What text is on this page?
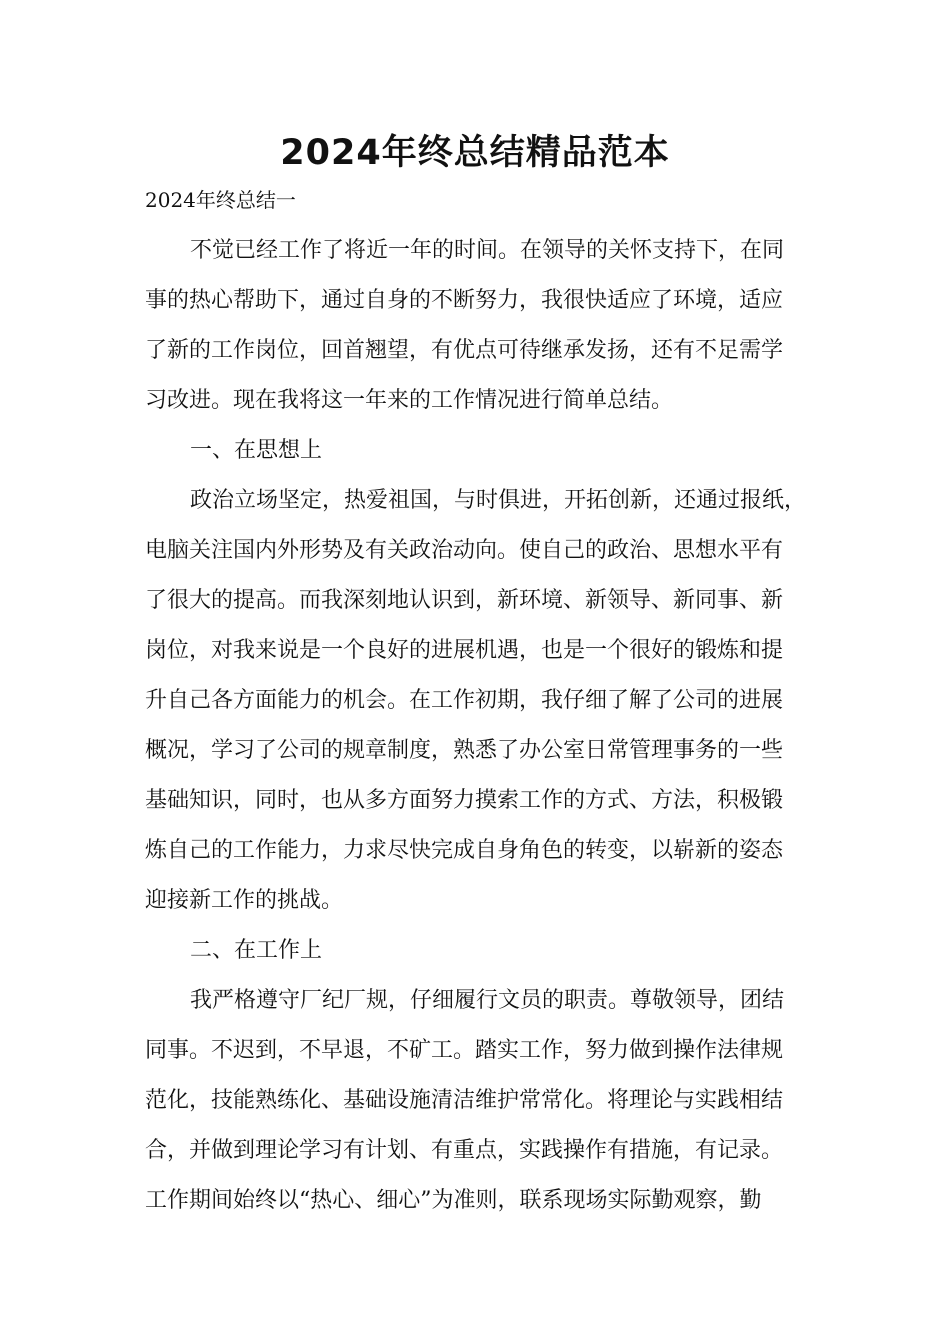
2024年终总结精品范本
2024年终总结一
不觉已经工作了将近一年的时间。在领导的关怀支持下，在同
事的热心帮助下，通过自身的不断努力，我很快适应了环境，适应
了新的工作岗位，回首翘望，有优点可待继承发扬，还有不足需学
习改进。现在我将这一年来的工作情况进行简单总结。
一、在思想上
政治立场坚定，热爱祖国，与时俱进，开拓创新，还通过报纸，
电脑关注国内外形势及有关政治动向。使自己的政治、思想水平有
了很大的提高。而我深刻地认识到，新环境、新领导、新同事、新
岗位，对我来说是一个良好的进展机遇，也是一个很好的锻炼和提
升自己各方面能力的机会。在工作初期，我仔细了解了公司的进展
概况，学习了公司的规章制度，熟悉了办公室日常管理事务的一些
基础知识，同时，也从多方面努力摸索工作的方式、方法，积极锻
炼自己的工作能力，力求尽快完成自身角色的转变，以崭新的姿态
迎接新工作的挑战。
二、在工作上
我严格遵守厂纪厂规，仔细履行文员的职责。尊敬领导，团结
同事。不迟到，不早退，不矿工。踏实工作，努力做到操作法律规
范化，技能熟练化、基础设施清洁维护常常化。将理论与实践相结
合，并做到理论学习有计划、有重点，实践操作有措施，有记录。
工作期间始终以“热心、细心”为准则，联系现场实际勤观察，勤
